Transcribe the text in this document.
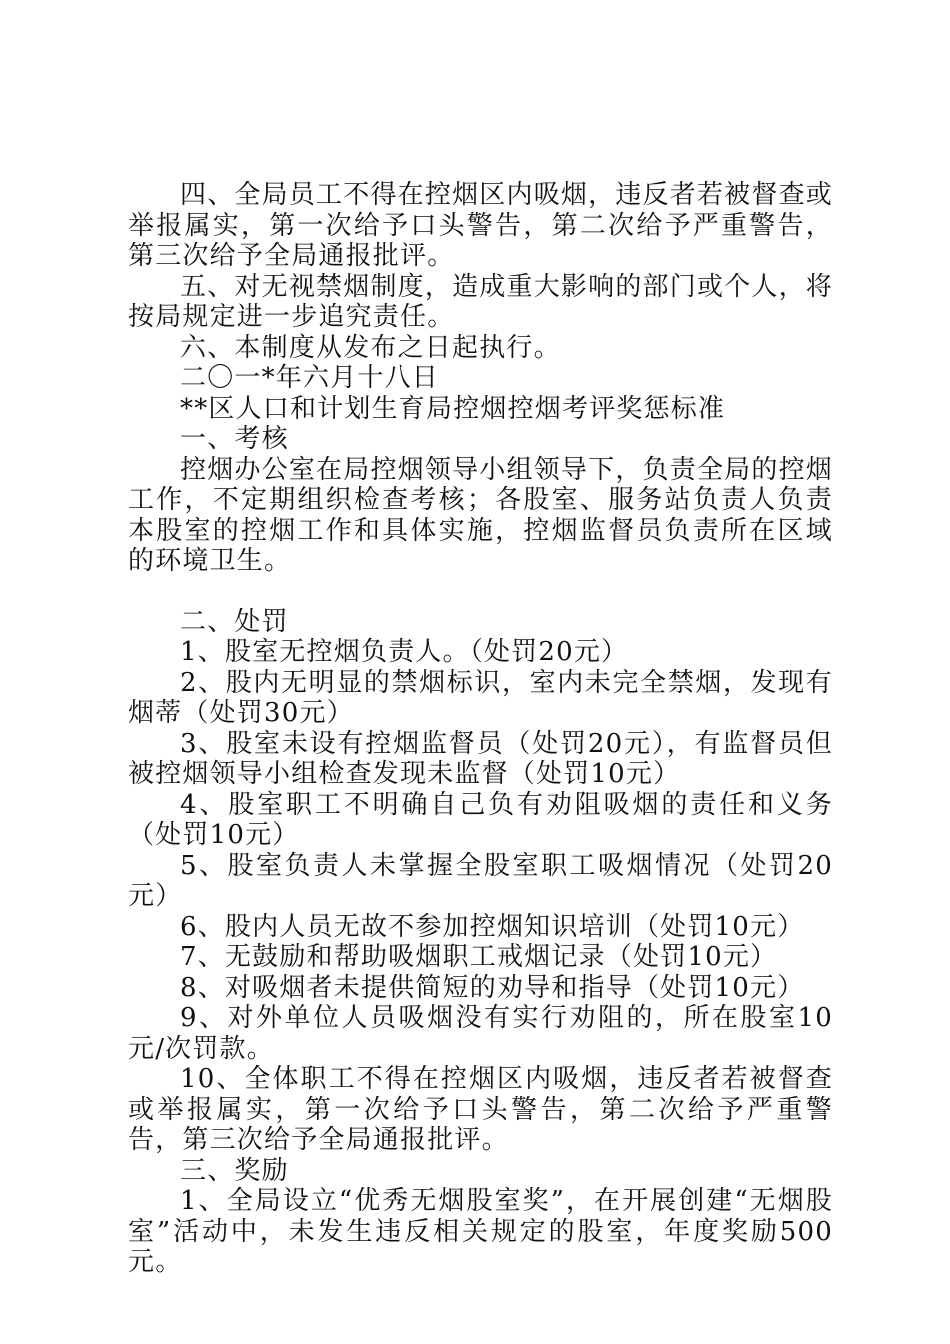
四、全局员工不得在控烟区内吸烟，违反者若被督查或举报属实，第一次给予口头警告，第二次给予严重警告，第三次给予全局通报批评。

五、对无视禁烟制度，造成重大影响的部门或个人，将按局规定进一步追究责任。

六、本制度从发布之日起执行。

二〇一*年六月十八日

**区人口和计划生育局控烟控烟考评奖惩标准

一、考核

控烟办公室在局控烟领导小组领导下，负责全局的控烟工作，不定期组织检查考核；各股室、服务站负责人负责本股室的控烟工作和具体实施，控烟监督员负责所在区域的环境卫生。

二、处罚

1、股室无控烟负责人。（处罚20元）

2、股内无明显的禁烟标识，室内未完全禁烟，发现有烟蒂（处罚30元）

3、股室未设有控烟监督员（处罚20元），有监督员但被控烟领导小组检查发现未监督（处罚10元）

4、股室职工不明确自己负有劝阻吸烟的责任和义务（处罚10元）

5、股室负责人未掌握全股室职工吸烟情况（处罚20元）

6、股内人员无故不参加控烟知识培训（处罚10元）

7、无鼓励和帮助吸烟职工戒烟记录（处罚10元）

8、对吸烟者未提供简短的劝导和指导（处罚10元）

9、对外单位人员吸烟没有实行劝阻的，所在股室10元/次罚款。

10、全体职工不得在控烟区内吸烟，违反者若被督查或举报属实，第一次给予口头警告，第二次给予严重警告，第三次给予全局通报批评。

三、奖励

1、全局设立“优秀无烟股室奖”，在开展创建“无烟股室”活动中，未发生违反相关规定的股室，年度奖励500元。
